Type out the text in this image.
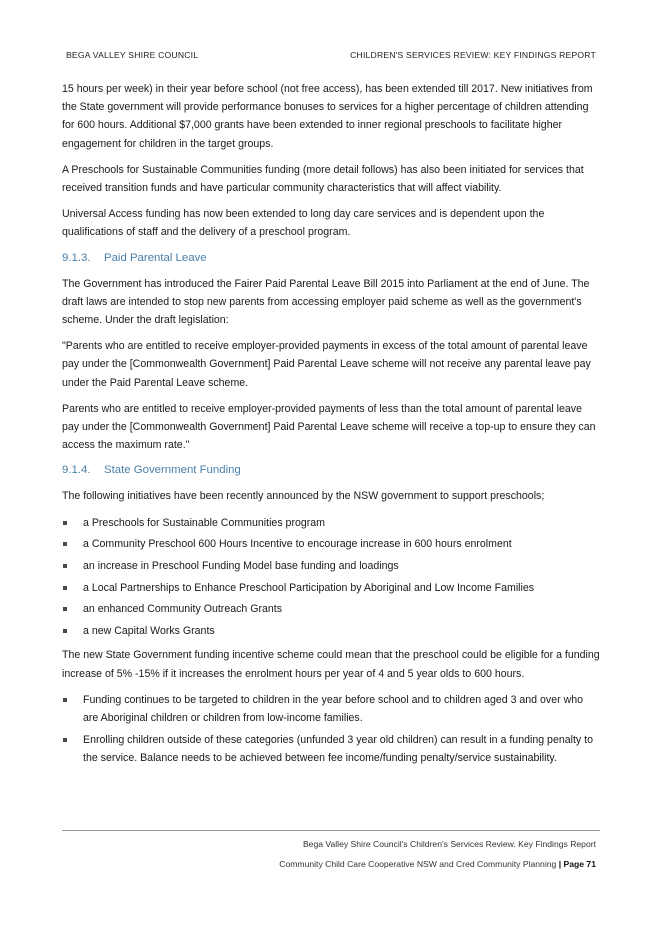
BEGA VALLEY SHIRE COUNCIL	CHILDREN'S SERVICES REVIEW: KEY FINDINGS REPORT

15 hours per week) in their year before school (not free access), has been extended till 2017. New initiatives from the State government will provide performance bonuses to services for a higher percentage of children attending for 600 hours. Additional $7,000 grants have been extended to inner regional preschools to facilitate higher engagement for children in the target groups.

A Preschools for Sustainable Communities funding (more detail follows) has also been initiated for services that received transition funds and have particular community characteristics that will affect viability.

Universal Access funding has now been extended to long day care services and is dependent upon the qualifications of staff and the delivery of a preschool program.

9.1.3. Paid Parental Leave

The Government has introduced the Fairer Paid Parental Leave Bill 2015 into Parliament at the end of June. The draft laws are intended to stop new parents from accessing employer paid scheme as well as the government's scheme. Under the draft legislation:

"Parents who are entitled to receive employer-provided payments in excess of the total amount of parental leave pay under the [Commonwealth Government] Paid Parental Leave scheme will not receive any parental leave pay under the Paid Parental Leave scheme.

Parents who are entitled to receive employer-provided payments of less than the total amount of parental leave pay under the [Commonwealth Government] Paid Parental Leave scheme will receive a top-up to ensure they can access the maximum rate."

9.1.4. State Government Funding

The following initiatives have been recently announced by the NSW government to support preschools;

a Preschools for Sustainable Communities program
a Community Preschool 600 Hours Incentive to encourage increase in 600 hours enrolment
an increase in Preschool Funding Model base funding and loadings
a Local Partnerships to Enhance Preschool Participation by Aboriginal and Low Income Families
an enhanced Community Outreach Grants
a new Capital Works Grants

The new State Government funding incentive scheme could mean that the preschool could be eligible for a funding increase of 5% -15% if it increases the enrolment hours per year of 4 and 5 year olds to 600 hours.

Funding continues to be targeted to children in the year before school and to children aged 3 and over who are Aboriginal children or children from low-income families.
Enrolling children outside of these categories (unfunded 3 year old children) can result in a funding penalty to the service. Balance needs to be achieved between fee income/funding penalty/service sustainability.
Bega Valley Shire Council's Children's Services Review. Key Findings Report
Community Child Care Cooperative NSW and Cred Community Planning | Page 71
